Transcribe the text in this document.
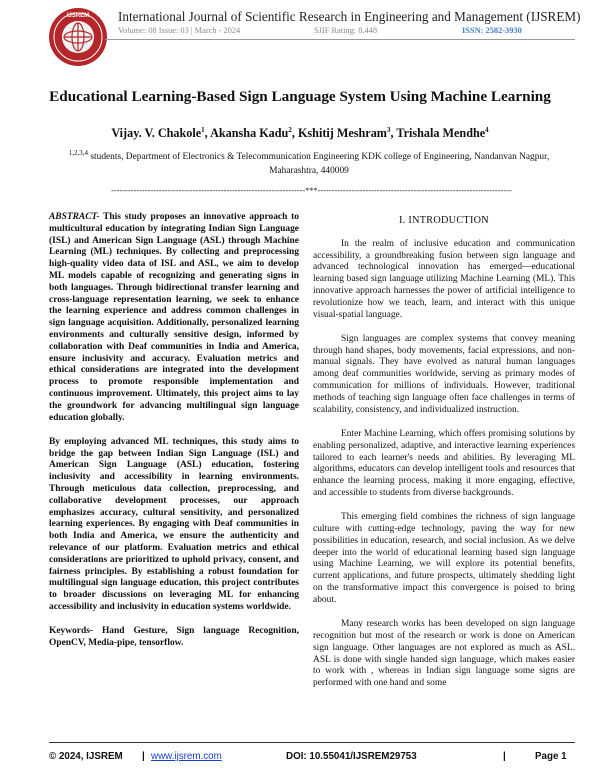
IJSREM International Journal of Scientific Research in Engineering and Management (IJSREM)
Volume: 08 Issue: 03 | March - 2024	SJIF Rating: 8.448	ISSN: 2582-3930
Educational Learning-Based Sign Language System Using Machine Learning
Vijay. V. Chakole$^1$, Akansha Kadu$^2$, Kshitij Meshram$^3$, Trishala Mendhe$^4$
$^{1,2,3,4}$ students, Department of Electronics & Telecommunication Engineering KDK college of Engineering, Nandanvan Nagpur, Maharashtra, 440009
---------------------------------------------------------------------***---------------------------------------------------------------------

ABSTRACT- This study proposes an innovative approach to multicultural education by integrating Indian Sign Language (ISL) and American Sign Language (ASL) through Machine Learning (ML) techniques. By collecting and preprocessing high-quality video data of ISL and ASL, we aim to develop ML models capable of recognizing and generating signs in both languages. Through bidirectional transfer learning and cross-language representation learning, we seek to enhance the learning experience and address common challenges in sign language acquisition. Additionally, personalized learning environments and culturally sensitive design, informed by collaboration with Deaf communities in India and America, ensure inclusivity and accuracy. Evaluation metrics and ethical considerations are integrated into the development process to promote responsible implementation and continuous improvement. Ultimately, this project aims to lay the groundwork for advancing multilingual sign language education globally.

By employing advanced ML techniques, this study aims to bridge the gap between Indian Sign Language (ISL) and American Sign Language (ASL) education, fostering inclusivity and accessibility in learning environments. Through meticulous data collection, preprocessing, and collaborative development processes, our approach emphasizes accuracy, cultural sensitivity, and personalized learning experiences. By engaging with Deaf communities in both India and America, we ensure the authenticity and relevance of our platform. Evaluation metrics and ethical considerations are prioritized to uphold privacy, consent, and fairness principles. By establishing a robust foundation for multilingual sign language education, this project contributes to broader discussions on leveraging ML for enhancing accessibility and inclusivity in education systems worldwide.

Keywords- Hand Gesture, Sign language Recognition, OpenCV, Media-pipe, tensorflow.

I. INTRODUCTION

In the realm of inclusive education and communication accessibility, a groundbreaking fusion between sign language and advanced technological innovation has emerged—educational learning based sign language utilizing Machine Learning (ML). This innovative approach harnesses the power of artificial intelligence to revolutionize how we teach, learn, and interact with this unique visual-spatial language.

Sign languages are complex systems that convey meaning through hand shapes, body movements, facial expressions, and non-manual signals. They have evolved as natural human languages among deaf communities worldwide, serving as primary modes of communication for millions of individuals. However, traditional methods of teaching sign language often face challenges in terms of scalability, consistency, and individualized instruction.

Enter Machine Learning, which offers promising solutions by enabling personalized, adaptive, and interactive learning experiences tailored to each learner's needs and abilities. By leveraging ML algorithms, educators can develop intelligent tools and resources that enhance the learning process, making it more engaging, effective, and accessible to students from diverse backgrounds.

This emerging field combines the richness of sign language culture with cutting-edge technology, paving the way for new possibilities in education, research, and social inclusion. As we delve deeper into the world of educational learning based sign language using Machine Learning, we will explore its potential benefits, current applications, and future prospects, ultimately shedding light on the transformative impact this convergence is poised to bring about.

Many research works has been developed on sign language recognition but most of the research or work is done on American sign language. Other languages are not explored as much as ASL. ASL is done with single handed sign language, which makes easier to work with , whereas in Indian sign language some signs are performed with one hand and some

© 2024, IJSREM | www.ijsrem.com	DOI: 10.55041/IJSREM29753	|	Page 1
